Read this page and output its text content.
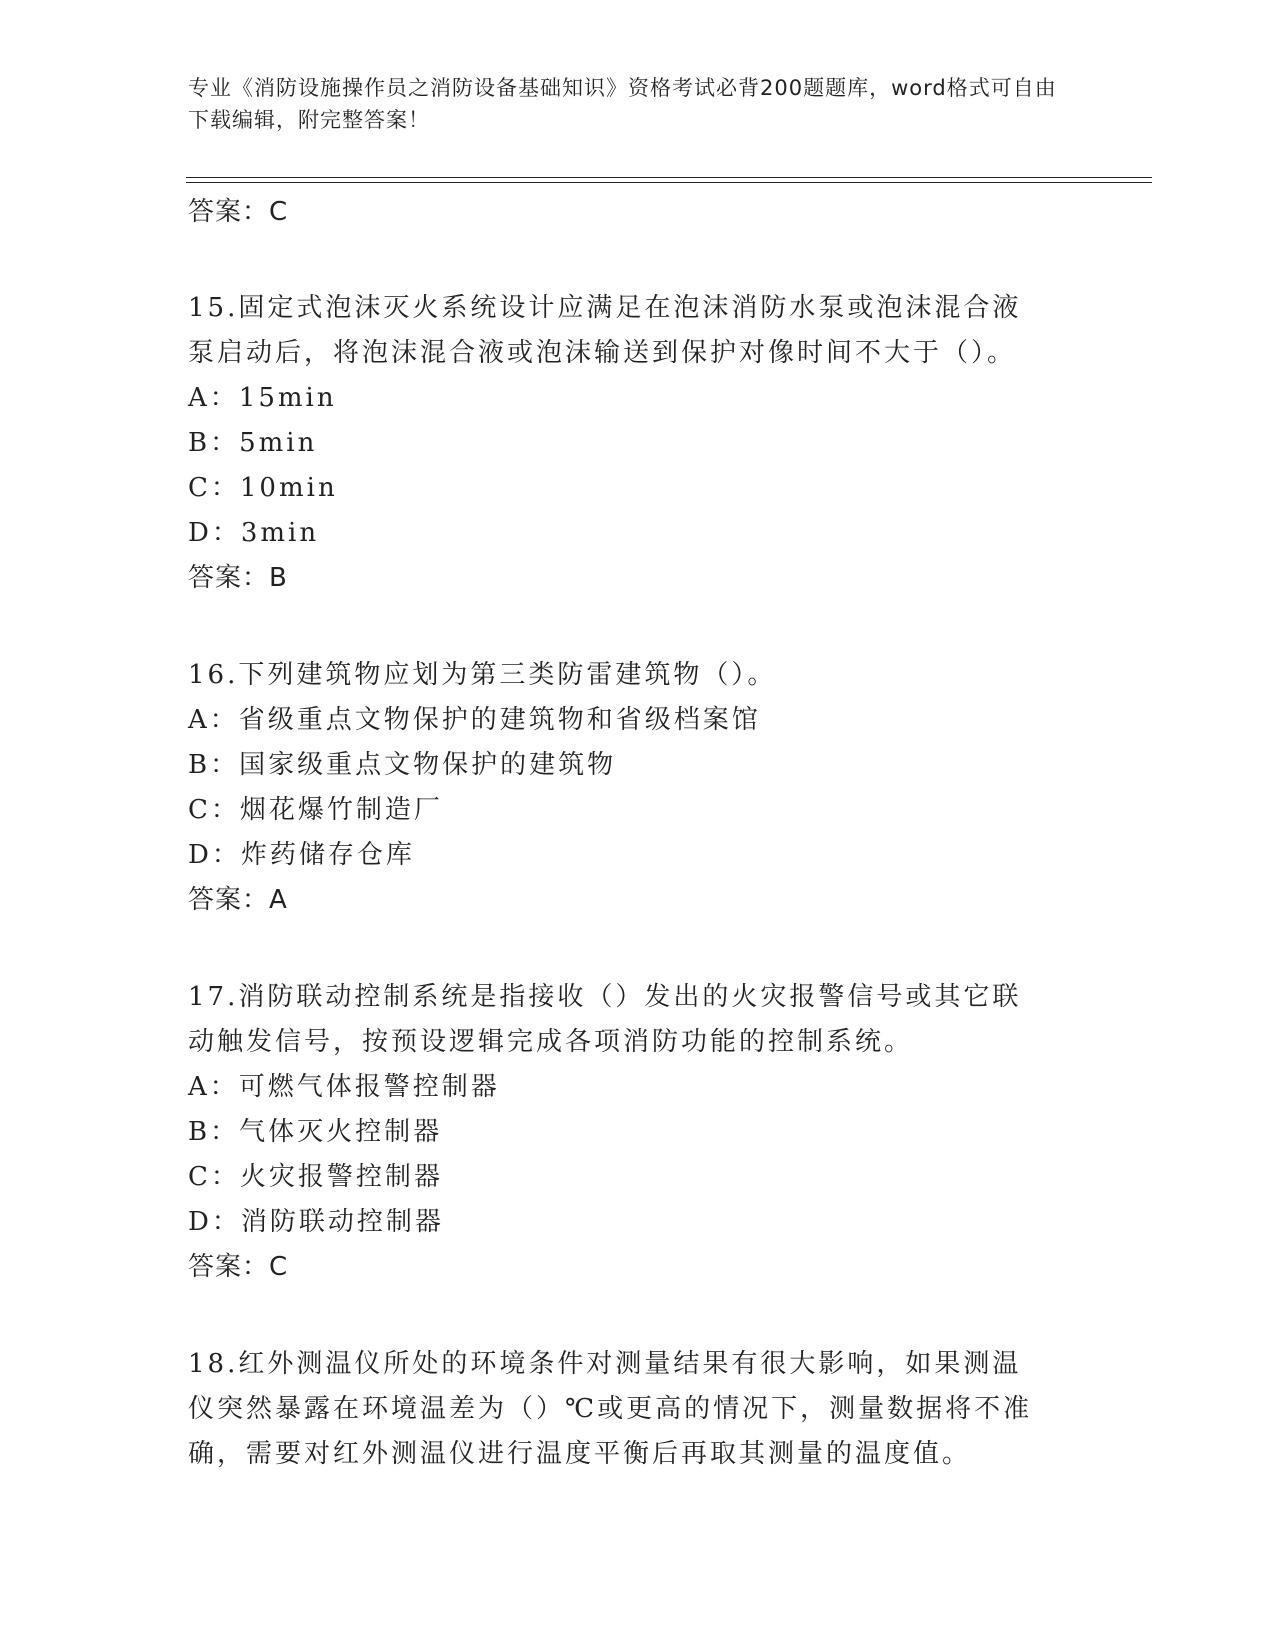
专业《消防设施操作员之消防设备基础知识》资格考试必背200题题库，word格式可自由下载编辑，附完整答案！
答案：C
15.固定式泡沫灭火系统设计应满足在泡沫消防水泵或泡沫混合液泵启动后，将泡沫混合液或泡沫输送到保护对像时间不大于（）。
A：15min
B：5min
C：10min
D：3min
答案：B
16.下列建筑物应划为第三类防雷建筑物（）。
A：省级重点文物保护的建筑物和省级档案馆
B：国家级重点文物保护的建筑物
C：烟花爆竹制造厂
D：炸药储存仓库
答案：A
17.消防联动控制系统是指接收（）发出的火灾报警信号或其它联动触发信号，按预设逻辑完成各项消防功能的控制系统。
A：可燃气体报警控制器
B：气体灭火控制器
C：火灾报警控制器
D：消防联动控制器
答案：C
18.红外测温仪所处的环境条件对测量结果有很大影响，如果测温仪突然暴露在环境温差为（）℃或更高的情况下，测量数据将不准确，需要对红外测温仪进行温度平衡后再取其测量的温度值。
